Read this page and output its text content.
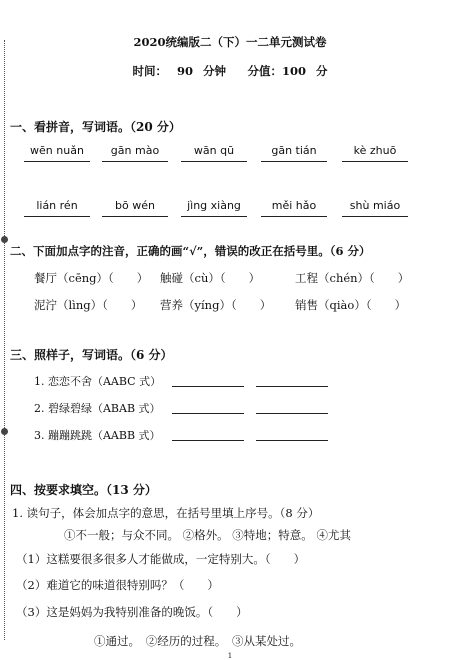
2020统编版二（下）一二单元测试卷
时间： 90 分钟　 分值：100 分
一、看拼音，写词语。（20 分）
wēn nuǎn	gān mào	wān qū	gān tián	kè zhuō
lián rén	bō wén	jìng xiàng	měi hǎo	shù miáo
二、下面加点字的注音，正确的画“√”，错误的改正在括号里。（6 分）
餐厅（cēng）（　　） 触碰（cù）（　　）	工程（chén）（　　）
泥泞（lìng）（　　） 营养（yíng）（　　） 销售（qiào）（　　）
三、照样子，写词语。（6 分）
1. 恋恋不舍（AABC 式）
2. 碧绿碧绿（ABAB 式）
3. 蹦蹦跳跳（AABB 式）
四、按要求填空。（13 分）
1. 读句子，体会加点字的意思，在括号里填上序号。（8 分）
①不一般；与众不同。 ②格外。 ③特地；特意。 ④尤其
（1）这糕要很多很多人才能做成，一定特别大。（　　）
（2）难道它的味道很特别吗？（　　）
（3）这是妈妈为我特别准备的晚饭。（　　）
①通过。　②经历的过程。　③从某处过。
1
